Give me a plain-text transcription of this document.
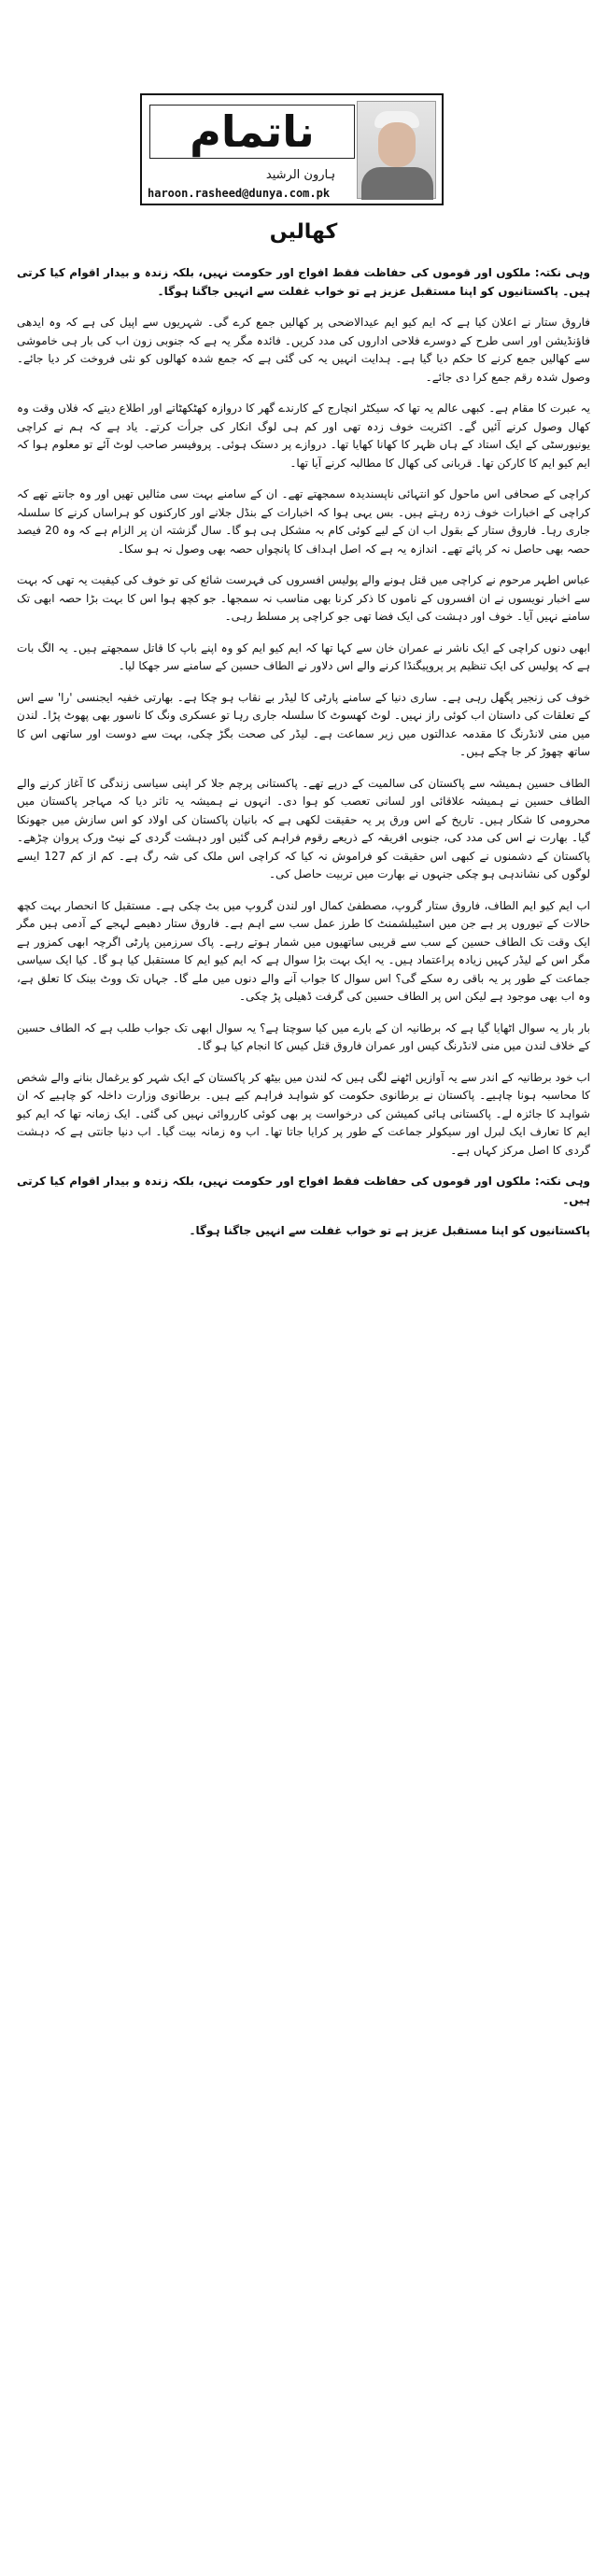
ناتمام
ہارون الرشید
haroon.rasheed@dunya.com.pk
کھالیں

وہی نکتہ: ملکوں اور قوموں کی حفاظت فقط افواج اور حکومت نہیں، بلکہ زندہ و بیدار اقوام کیا کرتی ہیں۔ پاکستانیوں کو اپنا مستقبل عزیز ہے تو خواب غفلت سے انہیں جاگنا ہوگا۔

فاروق ستار نے اعلان کیا ہے کہ ایم کیو ایم عیدالاضحی پر کھالیں جمع کرے گی۔ شہریوں سے اپیل کی ہے کہ وہ ایدھی فاؤنڈیشن اور اسی طرح کے دوسرے فلاحی اداروں کی مدد کریں۔ فائدہ مگر یہ ہے کہ جنوبی زون اب کی بار ہی خاموشی سے کھالیں جمع کرنے کا حکم دیا گیا ہے۔ ہدایت انہیں یہ کی گئی ہے کہ جمع شدہ کھالوں کو نئی فروخت کر دیا جائے۔ وصول شدہ رقم جمع کرا دی جائے۔

یہ عبرت کا مقام ہے۔ کبھی عالم یہ تھا کہ سیکٹر انچارج کے کارندے گھر کا دروازہ کھٹکھٹاتے اور اطلاع دیتے کہ فلاں وقت وہ کھال وصول کرنے آئیں گے۔ اکثریت خوف زدہ تھی اور کم ہی لوگ انکار کی جرأت کرتے۔ یاد ہے کہ ہم نے کراچی یونیورسٹی کے ایک استاد کے ہاں ظہر کا کھانا کھایا تھا۔ دروازے پر دستک ہوئی۔ پروفیسر صاحب لوٹ آئے تو معلوم ہوا کہ ایم کیو ایم کا کارکن تھا۔ قربانی کی کھال کا مطالبہ کرنے آیا تھا۔

کراچی کے صحافی اس ماحول کو انتہائی ناپسندیدہ سمجھتے تھے۔ ان کے سامنے بہت سی مثالیں تھیں اور وہ جانتے تھے کہ کراچی کے اخبارات خوف زدہ رہتے ہیں۔ بس یہی ہوا کہ اخبارات کے بنڈل جلانے اور کارکنوں کو ہراساں کرنے کا سلسلہ جاری رہا۔ فاروق ستار کے بقول اب ان کے لیے کوئی کام بہ مشکل ہی ہو گا۔ سال گزشتہ ان پر الزام ہے کہ وہ 20 فیصد حصہ بھی حاصل نہ کر پائے تھے۔ اندازہ یہ ہے کہ اصل اہداف کا پانچواں حصہ بھی وصول نہ ہو سکا۔

عباس اطہر مرحوم نے کراچی میں قتل ہونے والے پولیس افسروں کی فہرست شائع کی تو خوف کی کیفیت یہ تھی کہ بہت سے اخبار نویسوں نے ان افسروں کے ناموں کا ذکر کرنا بھی مناسب نہ سمجھا۔ جو کچھ ہوا اس کا بہت بڑا حصہ ابھی تک سامنے نہیں آیا۔ خوف اور دہشت کی ایک فضا تھی جو کراچی پر مسلط رہی۔

ابھی دنوں کراچی کے ایک ناشر نے عمران خان سے کہا تھا کہ ایم کیو ایم کو وہ اپنے باپ کا قاتل سمجھتے ہیں۔ یہ الگ بات ہے کہ پولیس کی ایک تنظیم پر پروپیگنڈا کرنے والے اس دلاور نے الطاف حسین کے سامنے سر جھکا لیا۔

خوف کی زنجیر پگھل رہی ہے۔ ساری دنیا کے سامنے پارٹی کا لیڈر بے نقاب ہو چکا ہے۔ بھارتی خفیہ ایجنسی 'را' سے اس کے تعلقات کی داستان اب کوئی راز نہیں۔ لوٹ کھسوٹ کا سلسلہ جاری رہا تو عسکری ونگ کا ناسور بھی پھوٹ پڑا۔ لندن میں منی لانڈرنگ کا مقدمہ عدالتوں میں زیر سماعت ہے۔ لیڈر کی صحت بگڑ چکی، بہت سے دوست اور ساتھی اس کا ساتھ چھوڑ کر جا چکے ہیں۔

الطاف حسین ہمیشہ سے پاکستان کی سالمیت کے درپے تھے۔ پاکستانی پرچم جلا کر اپنی سیاسی زندگی کا آغاز کرنے والے الطاف حسین نے ہمیشہ علاقائی اور لسانی تعصب کو ہوا دی۔ انہوں نے ہمیشہ یہ تاثر دیا کہ مہاجر پاکستان میں محرومی کا شکار ہیں۔ تاریخ کے اس ورق پر یہ حقیقت لکھی ہے کہ بانیان پاکستان کی اولاد کو اس سازش میں جھونکا گیا۔ بھارت نے اس کی مدد کی، جنوبی افریقہ کے ذریعے رقوم فراہم کی گئیں اور دہشت گردی کے نیٹ ورک پروان چڑھے۔ پاکستان کے دشمنوں نے کبھی اس حقیقت کو فراموش نہ کیا کہ کراچی اس ملک کی شہ رگ ہے۔ کم از کم 127 ایسے لوگوں کی نشاندہی ہو چکی جنہوں نے بھارت میں تربیت حاصل کی۔

اب ایم کیو ایم الطاف، فاروق ستار گروپ، مصطفیٰ کمال اور لندن گروپ میں بٹ چکی ہے۔ مستقبل کا انحصار بہت کچھ حالات کے تیوروں پر ہے جن میں اسٹیبلشمنٹ کا طرز عمل سب سے اہم ہے۔ فاروق ستار دھیمے لہجے کے آدمی ہیں مگر ایک وقت تک الطاف حسین کے سب سے قریبی ساتھیوں میں شمار ہوتے رہے۔ پاک سرزمین پارٹی اگرچہ ابھی کمزور ہے مگر اس کے لیڈر کہیں زیادہ پراعتماد ہیں۔ یہ ایک بہت بڑا سوال ہے کہ ایم کیو ایم کا مستقبل کیا ہو گا۔ کیا ایک سیاسی جماعت کے طور پر یہ باقی رہ سکے گی؟ اس سوال کا جواب آنے والے دنوں میں ملے گا۔ جہاں تک ووٹ بینک کا تعلق ہے، وہ اب بھی موجود ہے لیکن اس پر الطاف حسین کی گرفت ڈھیلی پڑ چکی۔

بار بار یہ سوال اٹھایا گیا ہے کہ برطانیہ ان کے بارے میں کیا سوچتا ہے؟ یہ سوال ابھی تک جواب طلب ہے کہ الطاف حسین کے خلاف لندن میں منی لانڈرنگ کیس اور عمران فاروق قتل کیس کا انجام کیا ہو گا۔

اب خود برطانیہ کے اندر سے یہ آوازیں اٹھنے لگی ہیں کہ لندن میں بیٹھ کر پاکستان کے ایک شہر کو یرغمال بنانے والے شخص کا محاسبہ ہونا چاہیے۔ پاکستان نے برطانوی حکومت کو شواہد فراہم کیے ہیں۔ برطانوی وزارت داخلہ کو چاہیے کہ ان شواہد کا جائزہ لے۔ پاکستانی ہائی کمیشن کی درخواست پر بھی کوئی کارروائی نہیں کی گئی۔ ایک زمانہ تھا کہ ایم کیو ایم کا تعارف ایک لبرل اور سیکولر جماعت کے طور پر کرایا جاتا تھا۔ اب وہ زمانہ بیت گیا۔ اب دنیا جانتی ہے کہ دہشت گردی کا اصل مرکز کہاں ہے۔

وہی نکتہ: ملکوں اور قوموں کی حفاظت فقط افواج اور حکومت نہیں، بلکہ زندہ و بیدار اقوام کیا کرتی ہیں۔

پاکستانیوں کو اپنا مستقبل عزیز ہے تو خواب غفلت سے انہیں جاگنا ہوگا۔
